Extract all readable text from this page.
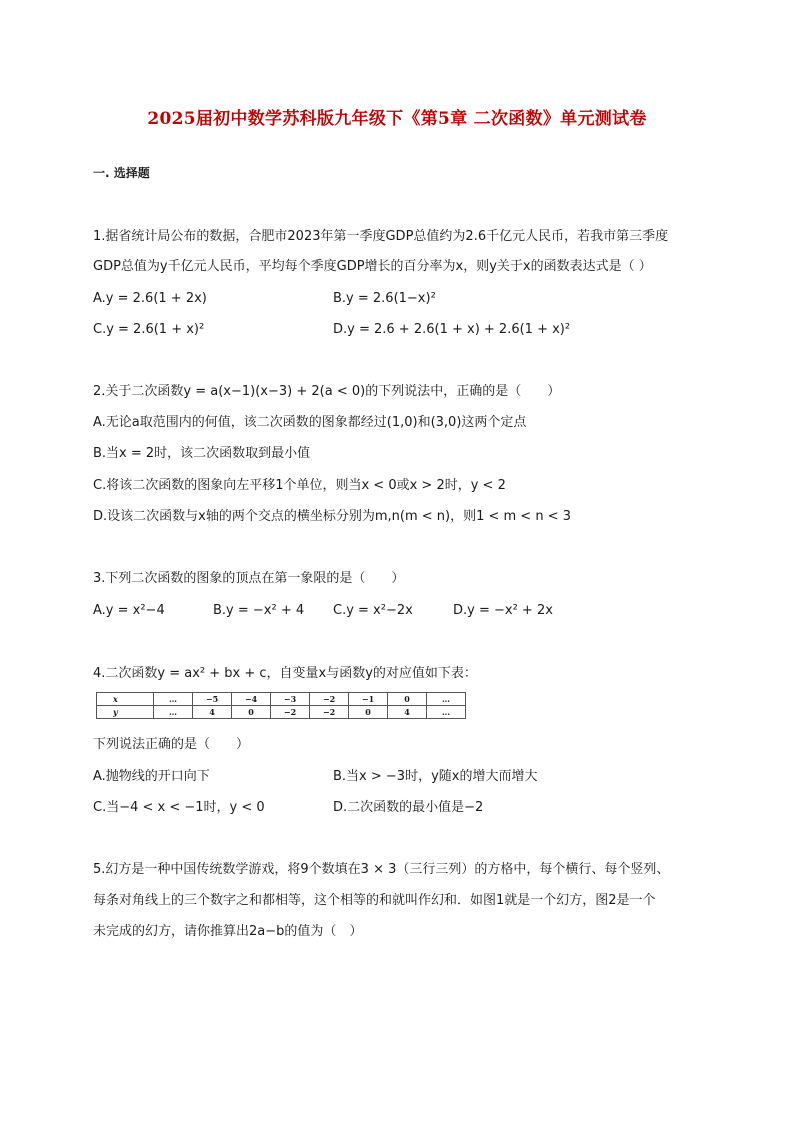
2025届初中数学苏科版九年级下《第5章 二次函数》单元测试卷
一. 选择题
1.据省统计局公布的数据，合肥市2023年第一季度GDP总值约为2.6千亿元人民币，若我市第三季度
GDP总值为y千亿元人民币，平均每个季度GDP增长的百分率为x，则y关于x的函数表达式是（ ）
A.y = 2.6(1 + 2x)	B.y = 2.6(1−x)²
C.y = 2.6(1 + x)²	D.y = 2.6 + 2.6(1 + x) + 2.6(1 + x)²
2.关于二次函数y = a(x−1)(x−3) + 2(a < 0)的下列说法中，正确的是（　　）
A.无论a取范围内的何值，该二次函数的图象都经过(1,0)和(3,0)这两个定点
B.当x = 2时，该二次函数取到最小值
C.将该二次函数的图象向左平移1个单位，则当x < 0或x > 2时，y < 2
D.设该二次函数与x轴的两个交点的横坐标分别为m,n(m < n)，则1 < m < n < 3
3.下列二次函数的图象的顶点在第一象限的是（　　）
A.y = x²−4	B.y = −x² + 4 C.y = x²−2x	D.y = −x² + 2x
4.二次函数y = ax² + bx + c，自变量x与函数y的对应值如下表：
x	…	−5	−4	−3	−2	−1	0	…
y	…	4	0	−2	−2	0	4	…
下列说法正确的是（　　）
A.抛物线的开口向下	B.当x > −3时，y随x的增大而增大
C.当−4 < x < −1时，y < 0	D.二次函数的最小值是−2
5.幻方是一种中国传统数学游戏，将9个数填在3 × 3（三行三列）的方格中，每个横行、每个竖列、
每条对角线上的三个数字之和都相等，这个相等的和就叫作幻和．如图1就是一个幻方，图2是一个
未完成的幻方，请你推算出2a−b的值为（　）
